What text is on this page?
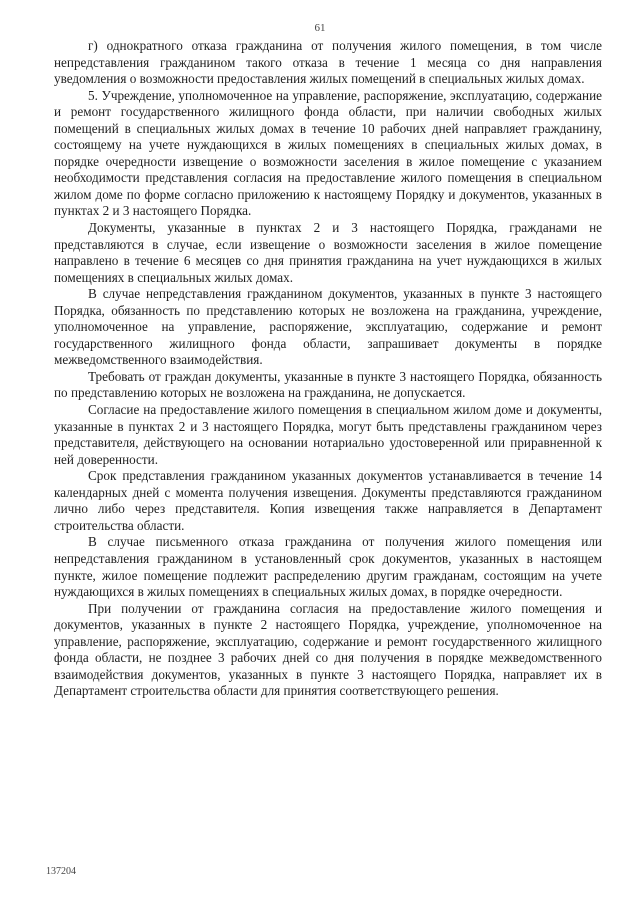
61

г) однократного отказа гражданина от получения жилого помещения, в том числе непредставления гражданином такого отказа в течение 1 месяца со дня направления уведомления о возможности предоставления жилых помещений в специальных жилых домах.

5. Учреждение, уполномоченное на управление, распоряжение, эксплуатацию, содержание и ремонт государственного жилищного фонда области, при наличии свободных жилых помещений в специальных жилых домах в течение 10 рабочих дней направляет гражданину, состоящему на учете нуждающихся в жилых помещениях в специальных жилых домах, в порядке очередности извещение о возможности заселения в жилое помещение с указанием необходимости представления согласия на предоставление жилого помещения в специальном жилом доме по форме согласно приложению к настоящему Порядку и документов, указанных в пунктах 2 и 3 настоящего Порядка.

Документы, указанные в пунктах 2 и 3 настоящего Порядка, гражданами не представляются в случае, если извещение о возможности заселения в жилое помещение направлено в течение 6 месяцев со дня принятия гражданина на учет нуждающихся в жилых помещениях в специальных жилых домах.

В случае непредставления гражданином документов, указанных в пункте 3 настоящего Порядка, обязанность по представлению которых не возложена на гражданина, учреждение, уполномоченное на управление, распоряжение, эксплуатацию, содержание и ремонт государственного жилищного фонда области, запрашивает документы в порядке межведомственного взаимодействия.

Требовать от граждан документы, указанные в пункте 3 настоящего Порядка, обязанность по представлению которых не возложена на гражданина, не допускается.

Согласие на предоставление жилого помещения в специальном жилом доме и документы, указанные в пунктах 2 и 3 настоящего Порядка, могут быть представлены гражданином через представителя, действующего на основании нотариально удостоверенной или приравненной к ней доверенности.

Срок представления гражданином указанных документов устанавливается в течение 14 календарных дней с момента получения извещения. Документы представляются гражданином лично либо через представителя. Копия извещения также направляется в Департамент строительства области.

В случае письменного отказа гражданина от получения жилого помещения или непредставления гражданином в установленный срок документов, указанных в настоящем пункте, жилое помещение подлежит распределению другим гражданам, состоящим на учете нуждающихся в жилых помещениях в специальных жилых домах, в порядке очередности.

При получении от гражданина согласия на предоставление жилого помещения и документов, указанных в пункте 2 настоящего Порядка, учреждение, уполномоченное на управление, распоряжение, эксплуатацию, содержание и ремонт государственного жилищного фонда области, не позднее 3 рабочих дней со дня получения в порядке межведомственного взаимодействия документов, указанных в пункте 3 настоящего Порядка, направляет их в Департамент строительства области для принятия соответствующего решения.

137204
